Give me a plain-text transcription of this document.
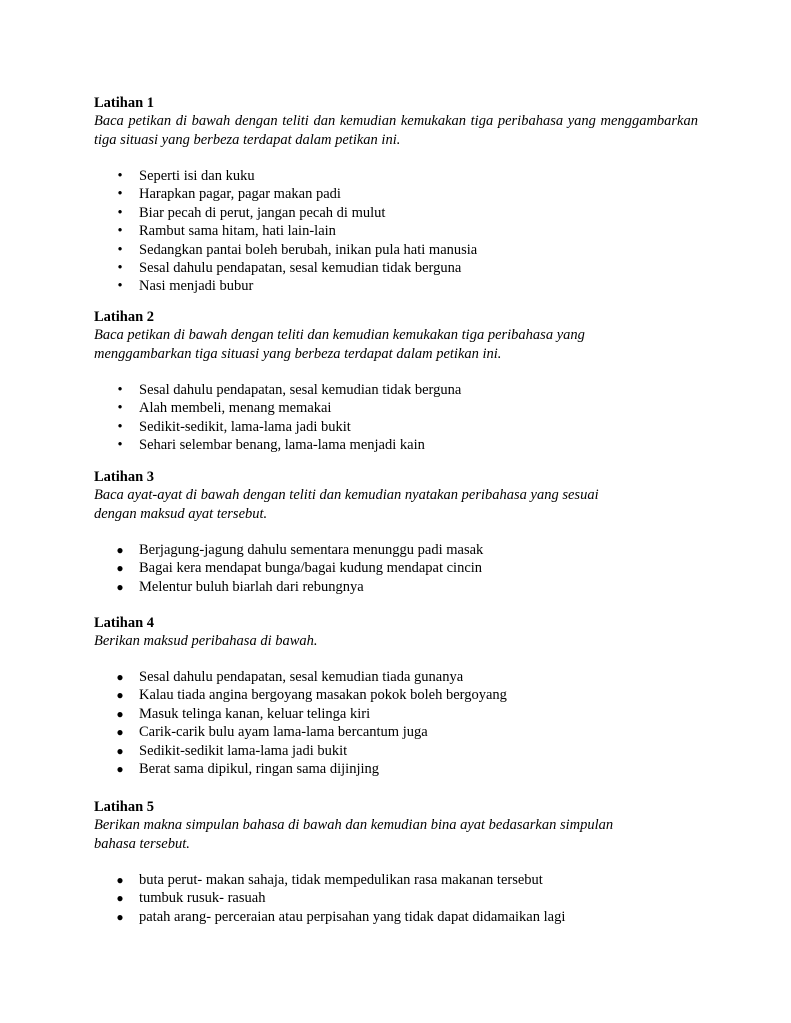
Latihan 1

Baca petikan di bawah dengan teliti dan kemudian kemukakan tiga peribahasa yang menggambarkan tiga situasi yang berbeza terdapat dalam petikan ini.

• Seperti isi dan kuku
• Harapkan pagar, pagar makan padi
• Biar pecah di perut, jangan pecah di mulut
• Rambut sama hitam, hati lain-lain
• Sedangkan pantai boleh berubah, inikan pula hati manusia
• Sesal dahulu pendapatan, sesal kemudian tidak berguna
• Nasi menjadi bubur

Latihan 2

Baca petikan di bawah dengan teliti dan kemudian kemukakan tiga peribahasa yang

menggambarkan tiga situasi yang berbeza terdapat dalam petikan ini.

• Sesal dahulu pendapatan, sesal kemudian tidak berguna
• Alah membeli, menang memakai
• Sedikit-sedikit, lama-lama jadi bukit
• Sehari selembar benang, lama-lama menjadi kain

Latihan 3

Baca ayat-ayat di bawah dengan teliti dan kemudian nyatakan peribahasa yang sesuai

dengan maksud ayat tersebut.

● Berjagung-jagung dahulu sementara menunggu padi masak
● Bagai kera mendapat bunga/bagai kudung mendapat cincin
● Melentur buluh biarlah dari rebungnya

Latihan 4

Berikan maksud peribahasa di bawah.

● Sesal dahulu pendapatan, sesal kemudian tiada gunanya
● Kalau tiada angina bergoyang masakan pokok boleh bergoyang
● Masuk telinga kanan, keluar telinga kiri
● Carik-carik bulu ayam lama-lama bercantum juga
● Sedikit-sedikit lama-lama jadi bukit
● Berat sama dipikul, ringan sama dijinjing

Latihan 5

Berikan makna simpulan bahasa di bawah dan kemudian bina ayat bedasarkan simpulan

bahasa tersebut.

● buta perut- makan sahaja, tidak mempedulikan rasa makanan tersebut
● tumbuk rusuk- rasuah
● patah arang- perceraian atau perpisahan yang tidak dapat didamaikan lagi
